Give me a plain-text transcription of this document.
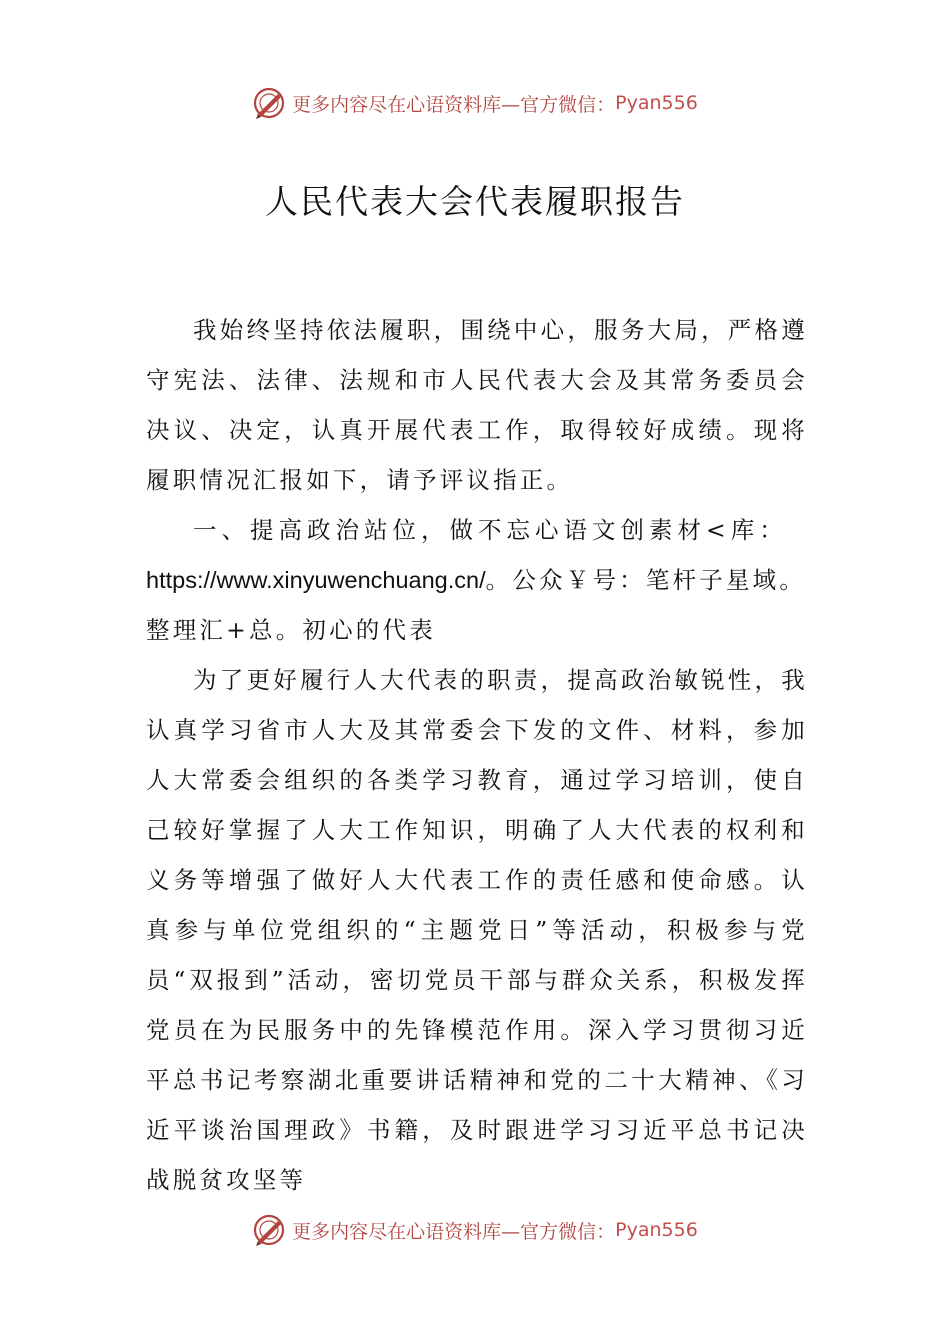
更多内容尽在心语资料库—官方微信： Pyan556
人民代表大会代表履职报告

我始终坚持依法履职，围绕中心，服务大局，严格遵守宪法、法律、法规和市人民代表大会及其常务委员会决议、决定，认真开展代表工作，取得较好成绩。现将履职情况汇报如下，请予评议指正。

一、提高政治站位，做不忘心语文创素材<库：

https://www.xinyuwenchuang.cn/。公众￥号：笔杆子星域。
整理汇+总。初心的代表

为了更好履行人大代表的职责，提高政治敏锐性，我认真学习省市人大及其常委会下发的文件、材料，参加人大常委会组织的各类学习教育，通过学习培训，使自己较好掌握了人大工作知识，明确了人大代表的权利和义务等增强了做好人大代表工作的责任感和使命感。认真参与单位党组织的“主题党日”等活动，积极参与党员“双报到”活动，密切党员干部与群众关系，积极发挥党员在为民服务中的先锋模范作用。深入学习贯彻习近平总书记考察湖北重要讲话精神和党的二十大精神、《习近平谈治国理政》书籍，及时跟进学习习近平总书记决战脱贫攻坚等

更多内容尽在心语资料库—官方微信： Pyan556
